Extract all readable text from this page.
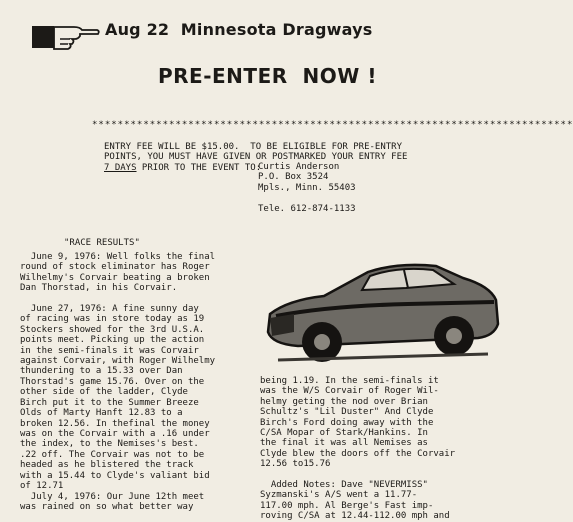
Aug 22  Minnesota Dragways
PRE-ENTER  NOW !
***************************************************************************
ENTRY FEE WILL BE $15.00.  TO BE ELIGIBLE FOR PRE-ENTRY
POINTS, YOU MUST HAVE GIVEN OR POSTMARKED YOUR ENTRY FEE
7 DAYS PRIOR TO THE EVENT TO:
Curtis Anderson
P.O. Box 3524
Mpls., Minn. 55403

Tele. 612-874-1133
"RACE RESULTS"
June 9, 1976: Well folks the final
round of stock eliminator has Roger
Wilhelmy's Corvair beating a broken
Dan Thorstad, in his Corvair.

June 27, 1976: A fine sunny day
of racing was in store today as 19
Stockers showed for the 3rd U.S.A.
points meet. Picking up the action
in the semi-finals it was Corvair
against Corvair, with Roger Wilhelmy
thundering to a 15.33 over Dan
Thorstad's game 15.76. Over on the
other side of the ladder, Clyde
Birch put it to the Summer Breeze
Olds of Marty Hanft 12.83 to a
broken 12.56. In thefinal the money
was on the Corvair with a .16 under
the index, to the Nemises's best.
.22 off. The Corvair was not to be
headed as he blistered the track
with a 15.44 to Clyde's valiant bid
of 12.71
July 4, 1976: Our June 12th meet
was rained on so what better way
being 1.19. In the semi-finals it
was the W/S Corvair of Roger Wil-
helmy geting the nod over Brian
Schultz's "Lil Duster" And Clyde
Birch's Ford doing away with the
C/SA Mopar of Stark/Hankins. In
the final it was all Nemises as
Clyde blew the doors off the Corvair
12.56 to15.76

Added Notes: Dave "NEVERMISS"
Syzmanski's A/S went a 11.77-
117.00 mph. Al Berge's Fast imp-
roving C/SA at 12.44-112.00 mph and
